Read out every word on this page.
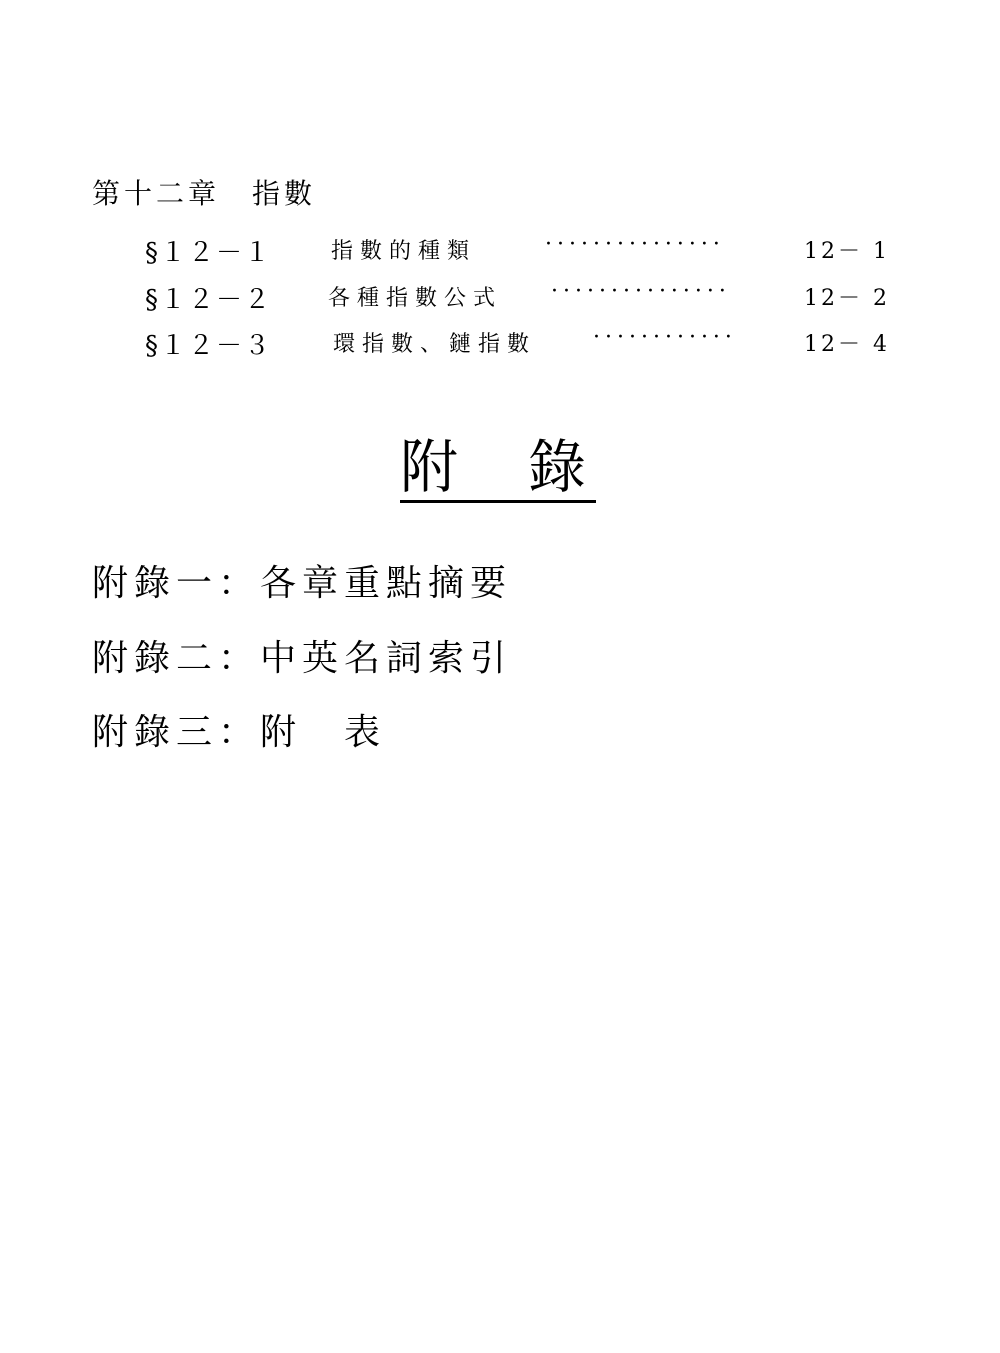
第十二章　指數
§１２－１	指數的種類	···············	12－ 1
§１２－２	各種指數公式 ···············	12－ 2
§１２－３	環指數、鏈指數	············	12－ 4
附錄
附錄一：各章重點摘要
附錄二：中英名詞索引
附錄三：附　表
